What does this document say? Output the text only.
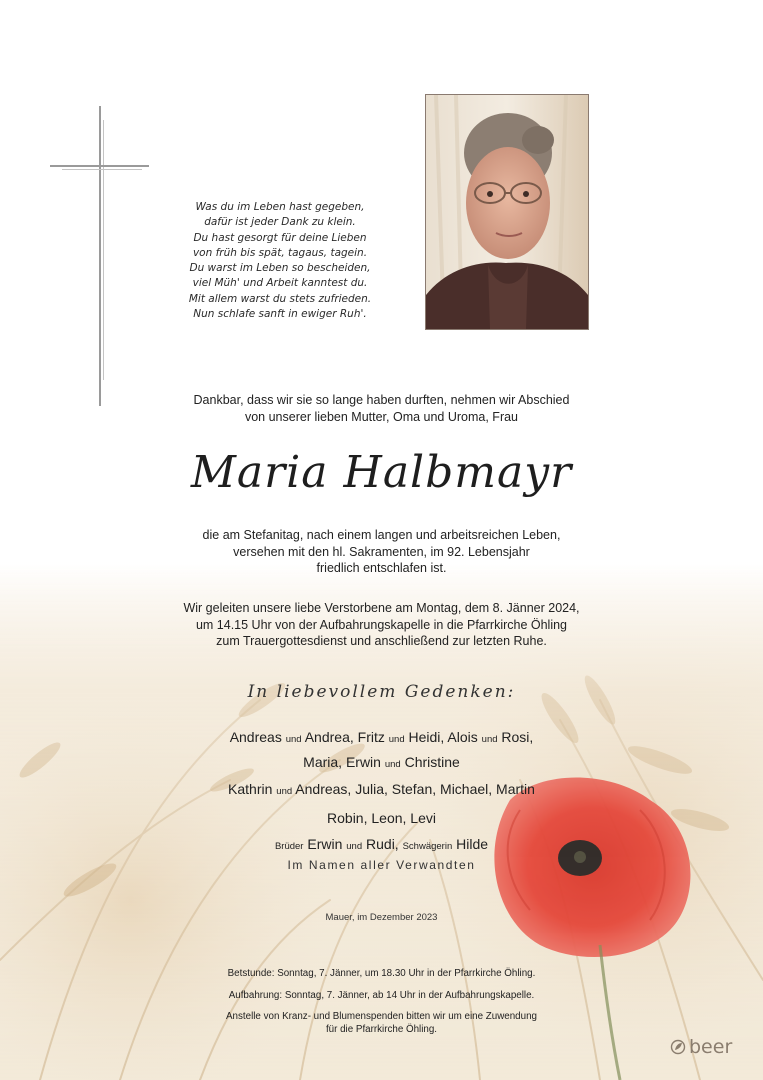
Was du im Leben hast gegeben,
dafür ist jeder Dank zu klein.
Du hast gesorgt für deine Lieben
von früh bis spät, tagaus, tagein.
Du warst im Leben so bescheiden,
viel Müh' und Arbeit kanntest du.
Mit allem warst du stets zufrieden.
Nun schlafe sanft in ewiger Ruh'.
Dankbar, dass wir sie so lange haben durften, nehmen wir Abschied
von unserer lieben Mutter, Oma und Uroma, Frau
Maria Halbmayr
die am Stefanitag, nach einem langen und arbeitsreichen Leben,
versehen mit den hl. Sakramenten, im 92. Lebensjahr
friedlich entschlafen ist.
Wir geleiten unsere liebe Verstorbene am Montag, dem 8. Jänner 2024,
um 14.15 Uhr von der Aufbahrungskapelle in die Pfarrkirche Öhling
zum Trauergottesdienst und anschließend zur letzten Ruhe.
In liebevollem Gedenken:
Andreas und Andrea, Fritz und Heidi, Alois und Rosi,
Maria, Erwin und Christine
Kathrin und Andreas, Julia, Stefan, Michael, Martin
Robin, Leon, Levi
Brüder Erwin und Rudi, Schwägerin Hilde
Im Namen aller Verwandten
Mauer, im Dezember 2023
Betstunde: Sonntag, 7. Jänner, um 18.30 Uhr in der Pfarrkirche Öhling.
Aufbahrung: Sonntag, 7. Jänner, ab 14 Uhr in der Aufbahrungskapelle.
Anstelle von Kranz- und Blumenspenden bitten wir um eine Zuwendung
für die Pfarrkirche Öhling.
beer
